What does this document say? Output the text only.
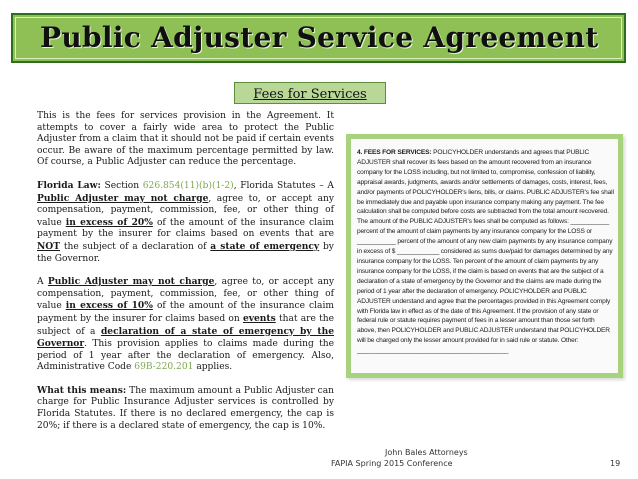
Public Adjuster Service Agreement
Fees for Services

This is the fees for services provision in the Agreement. It attempts to cover a fairly wide area to protect the Public Adjuster from a claim that it should not be paid if certain events occur. Be aware of the maximum percentage permitted by law. Of course, a Public Adjuster can reduce the percentage.

Florida Law: Section 626.854(11)(b)(1-2), Florida Statutes – A Public Adjuster may not charge, agree to, or accept any compensation, payment, commission, fee, or other thing of value in excess of 20% of the amount of the insurance claim payment by the insurer for claims based on events that are NOT the subject of a declaration of a state of emergency by the Governor.

A Public Adjuster may not charge, agree to, or accept any compensation, payment, commission, fee, or other thing of value in excess of 10% of the amount of the insurance claim payment by the insurer for claims based on events that are the subject of a declaration of a state of emergency by the Governor. This provision applies to claims made during the period of 1 year after the declaration of emergency. Also, Administrative Code 69B-220.201 applies.

What this means: The maximum amount a Public Adjuster can charge for Public Insurance Adjuster services is controlled by Florida Statutes. If there is no declared emergency, the cap is 20%; if there is a declared state of emergency, the cap is 10%.

4. FEES FOR SERVICES: POLICYHOLDER understands and agrees that PUBLIC ADJUSTER shall recover its fees based on the amount recovered from an insurance company for the LOSS including, but not limited to, compromise, confession of liability, appraisal awards, judgments, awards and/or settlements of damages, costs, interest, fees, and/or payments of POLICYHOLDER's liens, bills, or claims. PUBLIC ADJUSTER's fee shall be immediately due and payable upon insurance company making any payment. The fee calculation shall be computed before costs are subtracted from the total amount recovered. The amount of the PUBLIC ADJUSTER's fees shall be computed as follows: ___________ percent of the amount of claim payments by any insurance company for the LOSS or ___________ percent of the amount of any new claim payments by any insurance company in excess of $ ____________ considered as sums due/paid for damages determined by any insurance company for the LOSS. Ten percent of the amount of claim payments by any insurance company for the LOSS, if the claim is based on events that are the subject of a declaration of a state of emergency by the Governor and the claims are made during the period of 1 year after the declaration of emergency. POLICYHOLDER and PUBLIC ADJUSTER understand and agree that the percentages provided in this Agreement comply with Florida law in effect as of the date of this Agreement. If the provision of any state or federal rule or statute requires payment of fees in a lesser amount than those set forth above, then POLICYHOLDER and PUBLIC ADJUSTER understand that POLICYHOLDER will be charged only the lesser amount provided for in said rule or statute. Other: ___________________________________________
John Bales Attorneys
FAPIA Spring 2015 Conference	19
